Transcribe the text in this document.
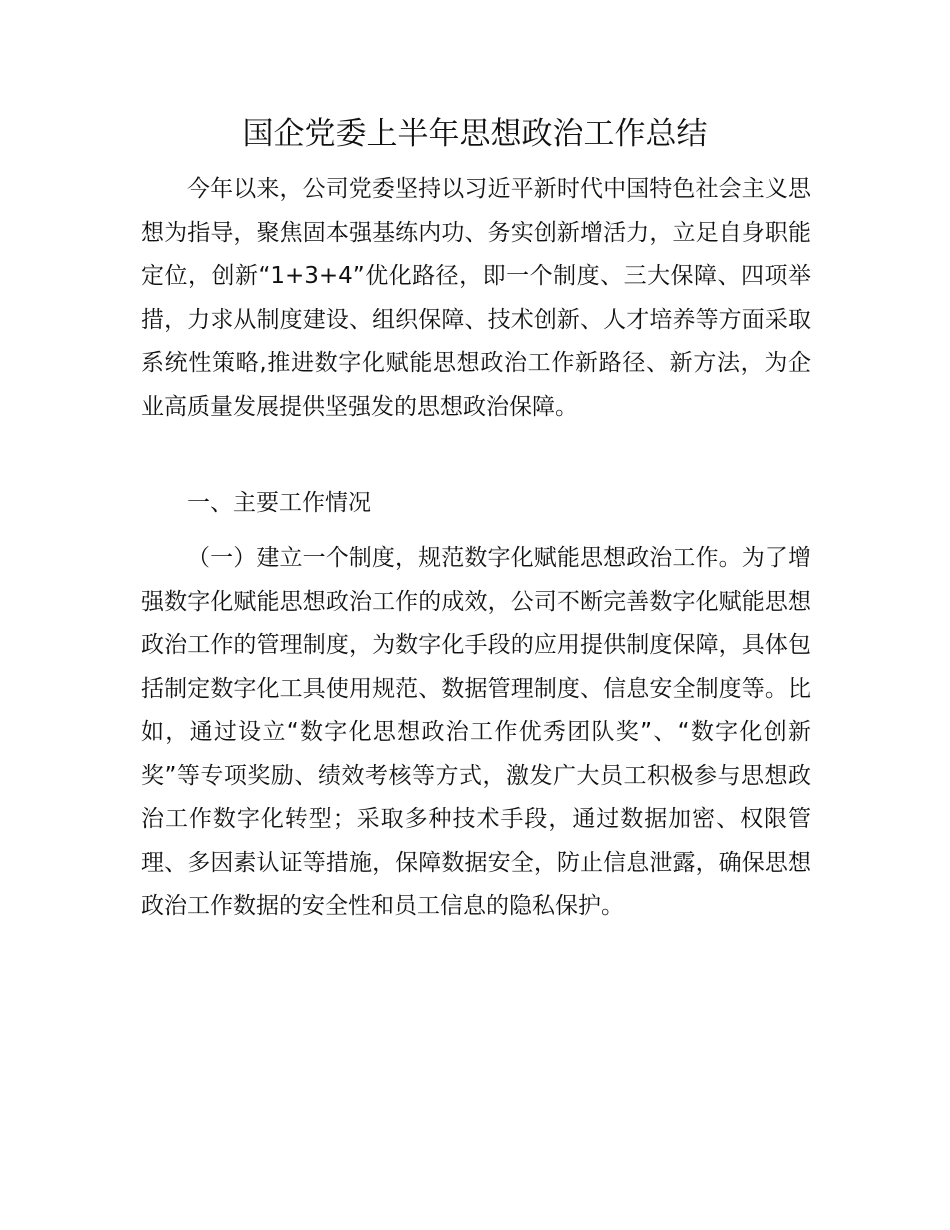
国企党委上半年思想政治工作总结

今年以来，公司党委坚持以习近平新时代中国特色社会主义思想为指导，聚焦固本强基练内功、务实创新增活力，立足自身职能定位，创新“1+3+4”优化路径，即一个制度、三大保障、四项举措，力求从制度建设、组织保障、技术创新、人才培养等方面采取系统性策略,推进数字化赋能思想政治工作新路径、新方法，为企业高质量发展提供坚强发的思想政治保障。

一、主要工作情况

（一）建立一个制度，规范数字化赋能思想政治工作。为了增强数字化赋能思想政治工作的成效，公司不断完善数字化赋能思想政治工作的管理制度，为数字化手段的应用提供制度保障，具体包括制定数字化工具使用规范、数据管理制度、信息安全制度等。比如，通过设立“数字化思想政治工作优秀团队奖”、“数字化创新奖”等专项奖励、绩效考核等方式，激发广大员工积极参与思想政治工作数字化转型；采取多种技术手段，通过数据加密、权限管理、多因素认证等措施，保障数据安全，防止信息泄露，确保思想政治工作数据的安全性和员工信息的隐私保护。
